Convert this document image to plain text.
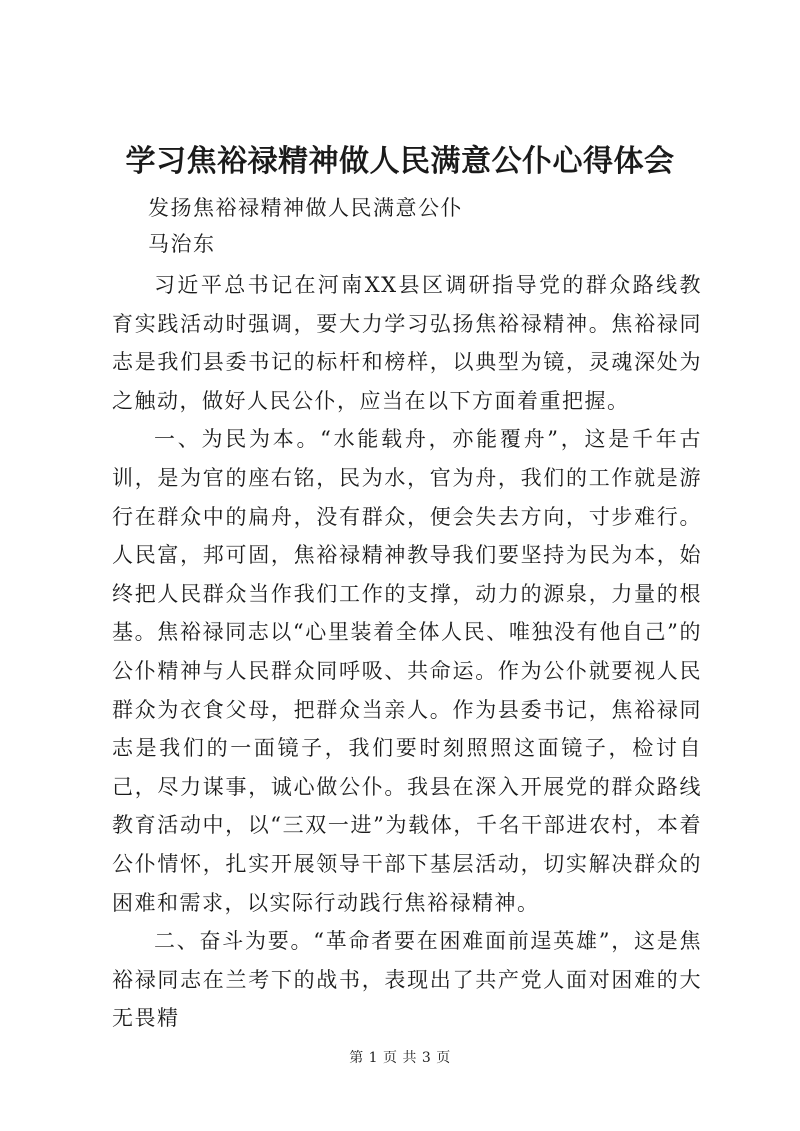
学习焦裕禄精神做人民满意公仆心得体会
发扬焦裕禄精神做人民满意公仆
马治东

习近平总书记在河南XX县区调研指导党的群众路线教育实践活动时强调，要大力学习弘扬焦裕禄精神。焦裕禄同志是我们县委书记的标杆和榜样，以典型为镜，灵魂深处为之触动，做好人民公仆，应当在以下方面着重把握。

一、为民为本。“水能载舟，亦能覆舟”，这是千年古训，是为官的座右铭，民为水，官为舟，我们的工作就是游行在群众中的扁舟，没有群众，便会失去方向，寸步难行。人民富，邦可固，焦裕禄精神教导我们要坚持为民为本，始终把人民群众当作我们工作的支撑，动力的源泉，力量的根基。焦裕禄同志以“心里装着全体人民、唯独没有他自己”的公仆精神与人民群众同呼吸、共命运。作为公仆就要视人民群众为衣食父母，把群众当亲人。作为县委书记，焦裕禄同志是我们的一面镜子，我们要时刻照照这面镜子，检讨自己，尽力谋事，诚心做公仆。我县在深入开展党的群众路线教育活动中，以“三双一进”为载体，千名干部进农村，本着公仆情怀，扎实开展领导干部下基层活动，切实解决群众的困难和需求，以实际行动践行焦裕禄精神。

二、奋斗为要。“革命者要在困难面前逞英雄”，这是焦裕禄同志在兰考下的战书，表现出了共产党人面对困难的大无畏精

第 1 页 共 3 页
